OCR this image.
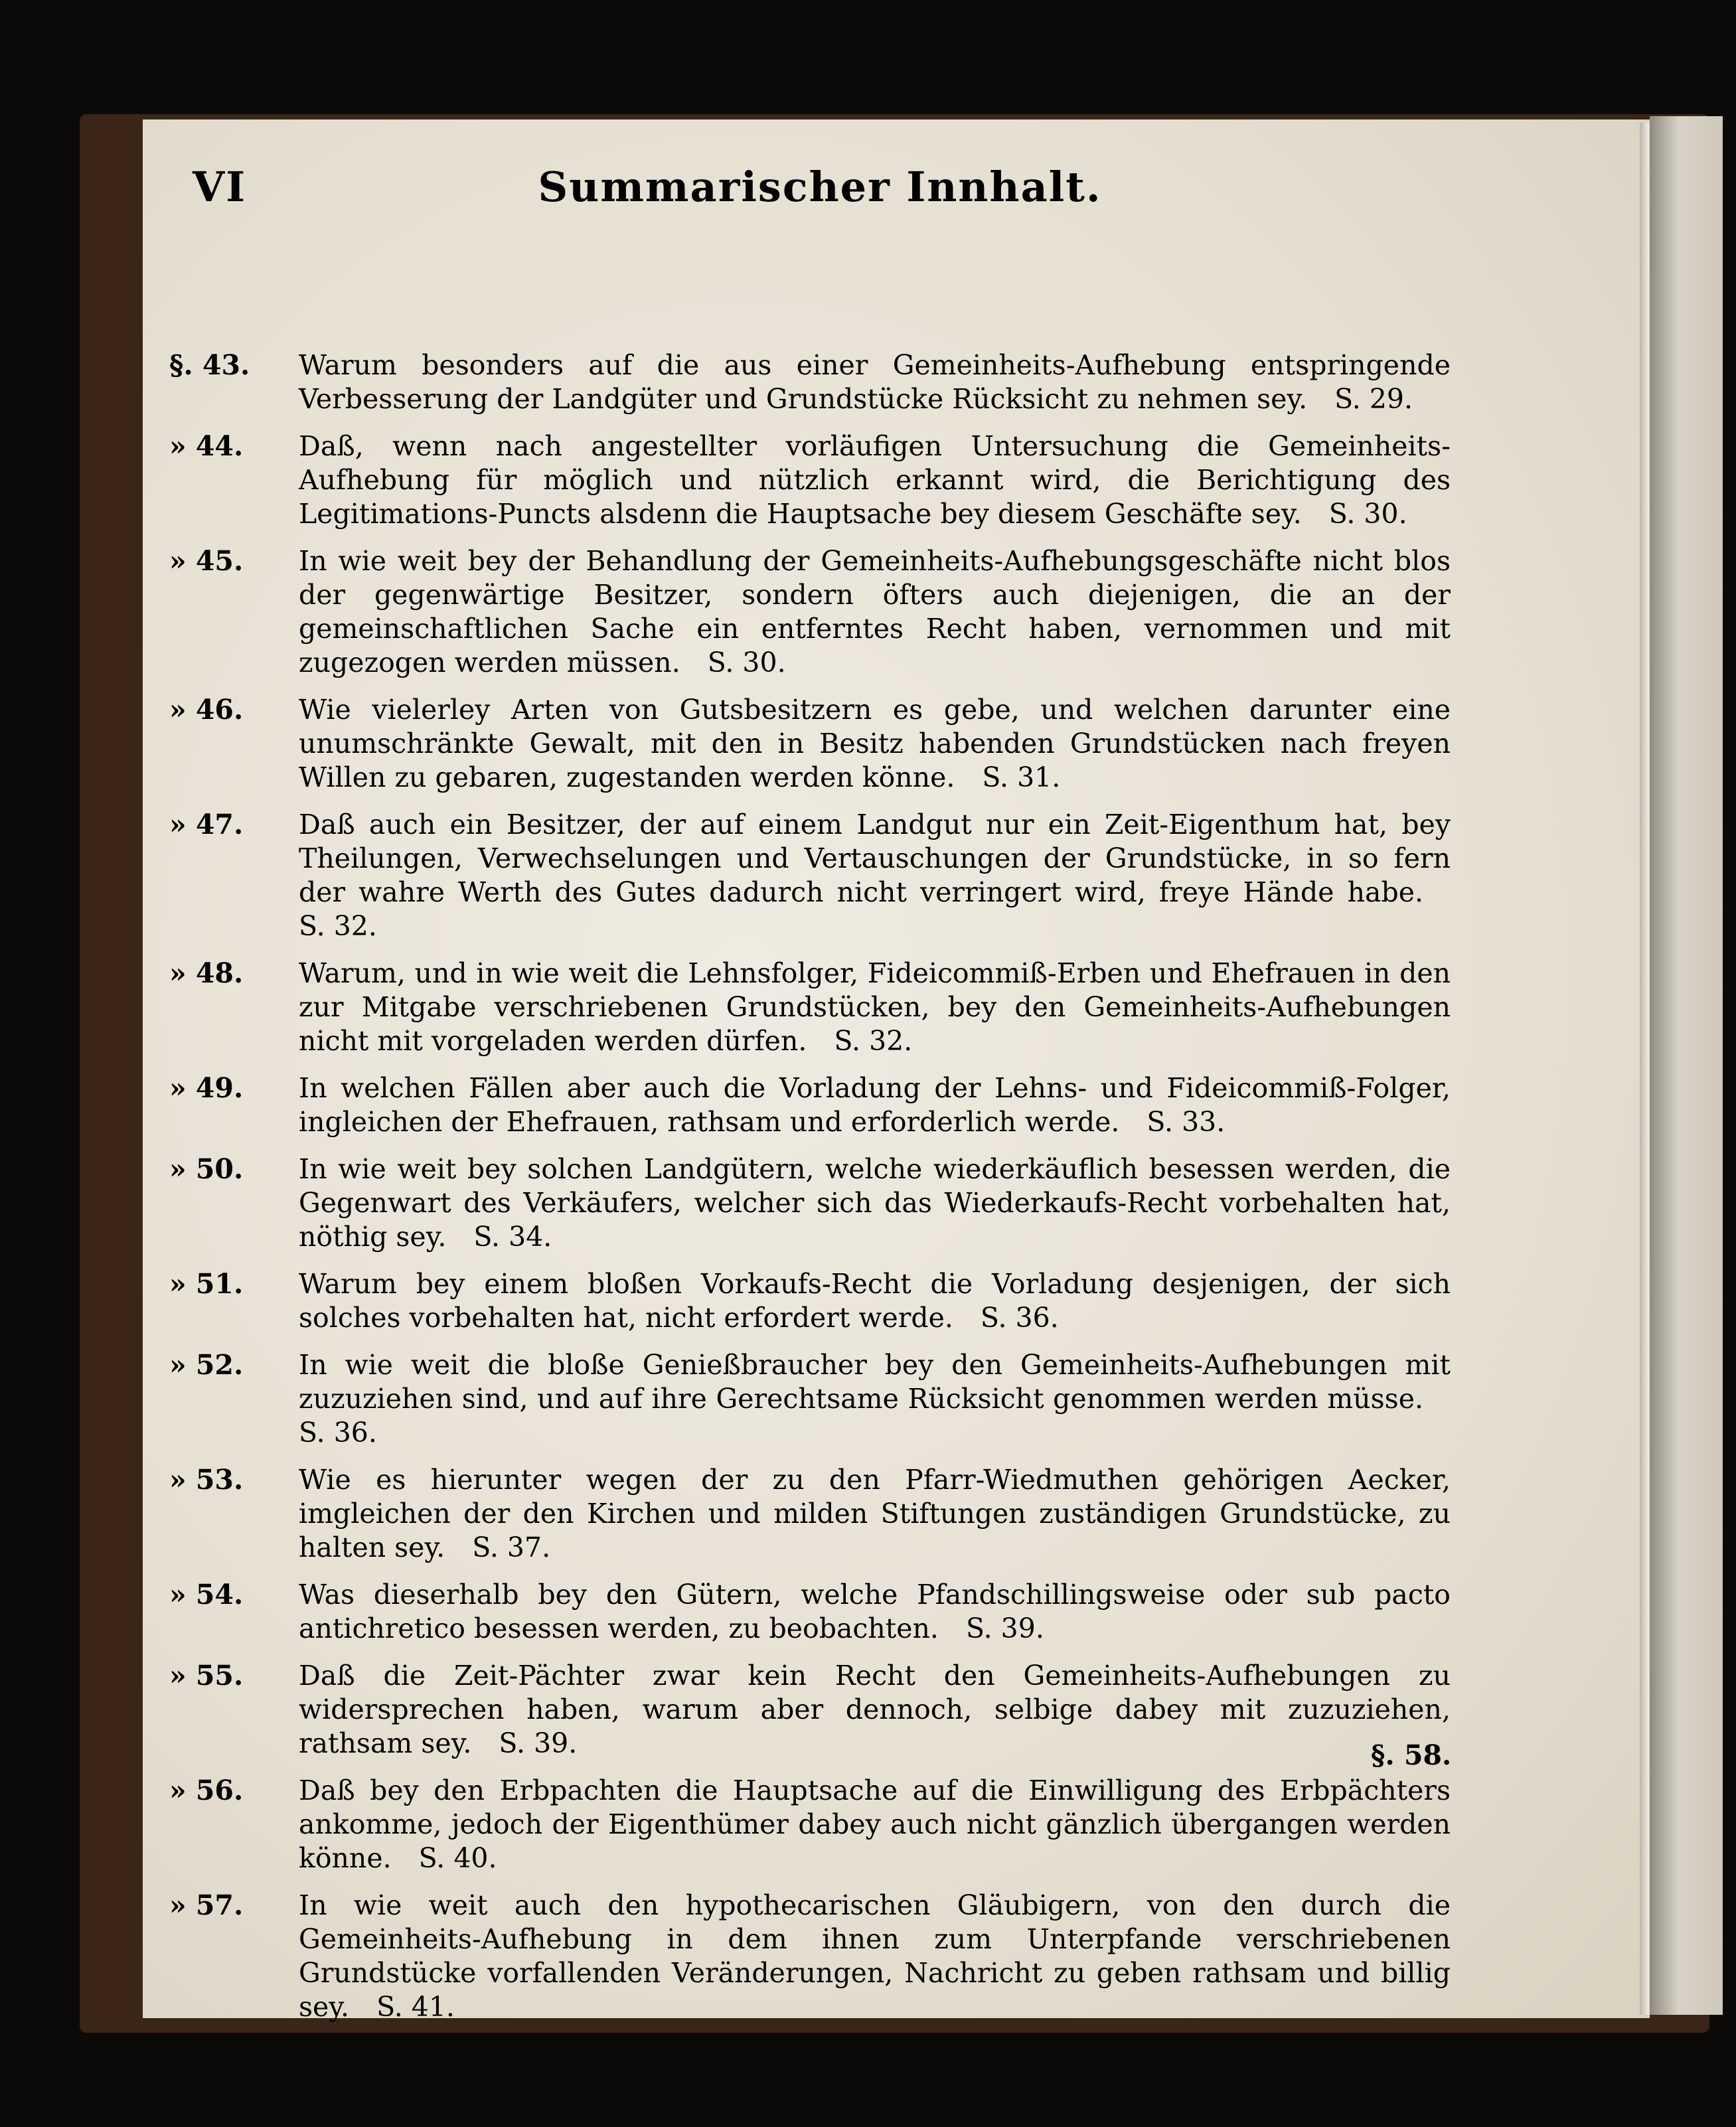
Summarischer Innhalt.
VI
§. 43. Warum besonders auf die aus einer Gemeinheits-Aufhebung entspringende Verbesserung der Landgüter und Grundstücke Rücksicht zu nehmen sey.  S. 29.
» 44. Daß, wenn nach angestellter vorläufigen Untersuchung die Gemeinheits-Aufhebung für möglich und nützlich erkannt wird, die Berichtigung des Legitimations-Puncts alsdenn die Hauptsache bey diesem Geschäfte sey.  S. 30.
» 45. In wie weit bey der Behandlung der Gemeinheits-Aufhebungsgeschäfte nicht blos der gegenwärtige Besitzer, sondern öfters auch diejenigen, die an der gemeinschaftlichen Sache ein entferntes Recht haben, vernommen und mit zugezogen werden müssen.  S. 30.
» 46. Wie vielerley Arten von Gutsbesitzern es gebe, und welchen darunter eine unumschränkte Gewalt, mit den in Besitz habenden Grundstücken nach freyen Willen zu gebaren, zugestanden werden könne.  S. 31.
» 47. Daß auch ein Besitzer, der auf einem Landgut nur ein Zeit-Eigenthum hat, bey Theilungen, Verwechselungen und Vertauschungen der Grundstücke, in so fern der wahre Werth des Gutes dadurch nicht verringert wird, freye Hände habe. S. 32.
» 48. Warum, und in wie weit die Lehnsfolger, Fideicommiß-Erben und Ehefrauen in den zur Mitgabe verschriebenen Grundstücken, bey den Gemeinheits-Aufhebungen nicht mit vorgeladen werden dürfen.  S. 32.
» 49. In welchen Fällen aber auch die Vorladung der Lehns- und Fideicommiß-Folger, ingleichen der Ehefrauen, rathsam und erforderlich werde.  S. 33.
» 50. In wie weit bey solchen Landgütern, welche wiederkäuflich besessen werden, die Gegenwart des Verkäufers, welcher sich das Wiederkaufs-Recht vorbehalten hat, nöthig sey.  S. 34.
» 51. Warum bey einem bloßen Vorkaufs-Recht die Vorladung desjenigen, der sich solches vorbehalten hat, nicht erfordert werde.  S. 36.
» 52. In wie weit die bloße Genießbraucher bey den Gemeinheits-Aufhebungen mit zuzuziehen sind, und auf ihre Gerechtsame Rücksicht genommen werden müsse. S. 36.
» 53. Wie es hierunter wegen der zu den Pfarr-Wiedmuthen gehörigen Aecker, imgleichen der den Kirchen und milden Stiftungen zuständigen Grundstücke, zu halten sey.  S. 37.
» 54. Was dieserhalb bey den Gütern, welche Pfandschillingsweise oder sub pacto antichretico besessen werden, zu beobachten.  S. 39.
» 55. Daß die Zeit-Pächter zwar kein Recht den Gemeinheits-Aufhebungen zu widersprechen haben, warum aber dennoch, selbige dabey mit zuzuziehen, rathsam sey.  S. 39.
» 56. Daß bey den Erbpachten die Hauptsache auf die Einwilligung des Erbpächters ankomme, jedoch der Eigenthümer dabey auch nicht gänzlich übergangen werden könne.  S. 40.
» 57. In wie weit auch den hypothecarischen Gläubigern, von den durch die Gemeinheits-Aufhebung in dem ihnen zum Unterpfande verschriebenen Grundstücke vorfallenden Veränderungen, Nachricht zu geben rathsam und billig sey.  S. 41.
§. 58.
